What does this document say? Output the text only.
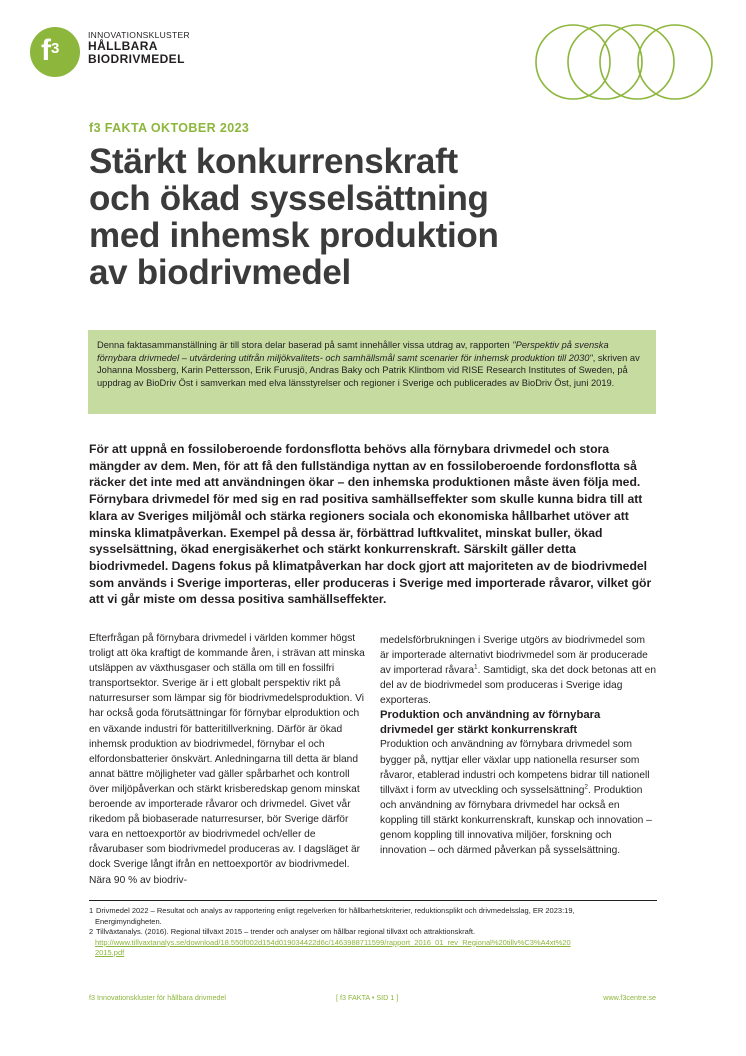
$f^3$
INNOVATIONSKLUSTER
HÅLLBARA
BIODRIVMEDEL
f3 FAKTA OKTOBER 2023
Stärkt konkurrenskraft
och ökad sysselsättning
med inhemsk produktion
av biodrivmedel
Denna faktasammanställning är till stora delar baserad på samt innehåller vissa utdrag av, rapporten "Perspektiv på svenska förnybara drivmedel – utvärdering utifrån miljökvalitets- och samhällsmål samt scenarier för inhemsk produktion till 2030", skriven av Johanna Mossberg, Karin Pettersson, Erik Furusjö, Andras Baky och Patrik Klintbom vid RISE Research Institutes of Sweden, på uppdrag av BioDriv Öst i samverkan med elva länsstyrelser och regioner i Sverige och publicerades av BioDriv Öst, juni 2019.
För att uppnå en fossiloberoende fordonsflotta behövs alla förnybara drivmedel och stora mängder av dem. Men, för att få den fullständiga nyttan av en fossiloberoende fordonsflotta så räcker det inte med att användningen ökar – den inhemska produktionen måste även följa med. Förnybara drivmedel för med sig en rad positiva samhällseffekter som skulle kunna bidra till att klara av Sveriges miljömål och stärka regioners sociala och ekonomiska hållbarhet utöver att minska klimatpåverkan. Exempel på dessa är, förbättrad luftkvalitet, minskat buller, ökad sysselsättning, ökad energisäkerhet och stärkt konkurrenskraft. Särskilt gäller detta biodrivmedel. Dagens fokus på klimatpåverkan har dock gjort att majoriteten av de biodrivmedel som används i Sverige importeras, eller produceras i Sverige med importerade råvaror, vilket gör att vi går miste om dessa positiva samhällseffekter.

Efterfrågan på förnybara drivmedel i världen kommer högst troligt att öka kraftigt de kommande åren, i strävan att minska utsläppen av växthusgaser och ställa om till en fossilfri transportsektor. Sverige är i ett globalt perspektiv rikt på naturresurser som lämpar sig för biodrivmedelsproduktion. Vi har också goda förutsättningar för förnybar elproduktion och en växande industri för batteritillverkning. Därför är ökad inhemsk produktion av biodrivmedel, förnybar el och elfordonsbatterier önskvärt. Anledningarna till detta är bland annat bättre möjligheter vad gäller spårbarhet och kontroll över miljöpåverkan och stärkt krisberedskap genom minskat beroende av importerade råvaror och drivmedel. Givet vår rikedom på biobaserade naturresurser, bör Sverige därför vara en nettoexportör av biodrivmedel och/eller de råvarubaser som biodrivmedel produceras av. I dagsläget är dock Sverige långt ifrån en nettoexportör av biodrivmedel. Nära 90 % av biodriv-

medelsförbrukningen i Sverige utgörs av biodrivmedel som är importerade alternativt biodrivmedel som är producerade av importerad råvara$^1$. Samtidigt, ska det dock betonas att en del av de biodrivmedel som produceras i Sverige idag exporteras.

Produktion och användning av förnybara drivmedel ger stärkt konkurrenskraft

Produktion och användning av förnybara drivmedel som bygger på, nyttjar eller växlar upp nationella resurser som råvaror, etablerad industri och kompetens bidrar till nationell tillväxt i form av utveckling och sysselsättning$^2$. Produktion och användning av förnybara drivmedel har också en koppling till stärkt konkurrenskraft, kunskap och innovation – genom koppling till innovativa miljöer, forskning och innovation – och därmed påverkan på sysselsättning.

1 Drivmedel 2022 – Resultat och analys av rapportering enligt regelverken för hållbarhetskriterier, reduktionsplikt och drivmedelsslag, ER 2023:19,
Energimyndigheten.
2 Tillväxtanalys. (2016). Regional tillväxt 2015 – trender och analyser om hållbar regional tillväxt och attraktionskraft.
http://www.tillvaxtanalys.se/download/18.550f002d154d019034422d6c/1463988711599/rapport_2016_01_rev_Regional%20tillv%C3%A4xt%20
2015.pdf
f3 Innovationskluster för hållbara drivmedel	[ f3 FAKTA • SID 1 ]	www.f3centre.se
